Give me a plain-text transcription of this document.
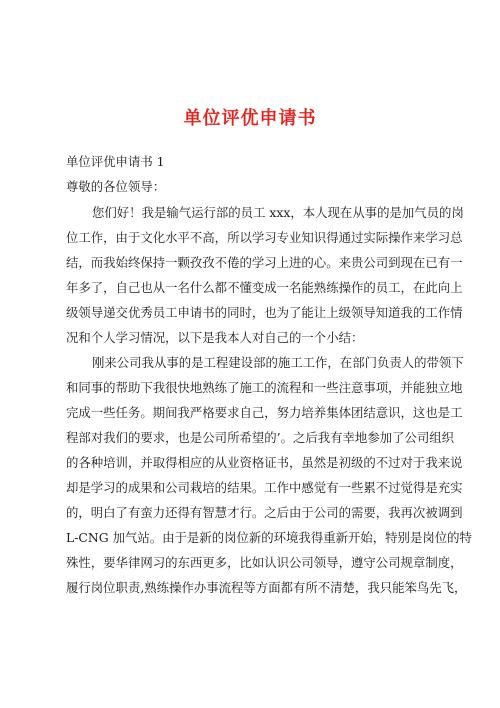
单位评优申请书
单位评优申请书 1
尊敬的各位领导：
您们好！我是输气运行部的员工 xxx，本人现在从事的是加气员的岗
位工作，由于文化水平不高，所以学习专业知识得通过实际操作来学习总
结，而我始终保持一颗孜孜不倦的学习上进的心。来贵公司到现在已有一
年多了，自己也从一名什么都不懂变成一名能熟练操作的员工，在此向上
级领导递交优秀员工申请书的同时，也为了能让上级领导知道我的工作情
况和个人学习情况，以下是我本人对自己的一个小结：
刚来公司我从事的是工程建设部的施工工作，在部门负责人的带领下
和同事的帮助下我很快地熟练了施工的流程和一些注意事项，并能独立地
完成一些任务。期间我严格要求自己，努力培养集体团结意识，这也是工
程部对我们的要求，也是公司所希望的’。之后我有幸地参加了公司组织
的各种培训，并取得相应的从业资格证书，虽然是初级的不过对于我来说
却是学习的成果和公司栽培的结果。工作中感觉有一些累不过觉得是充实
的，明白了有蛮力还得有智慧才行。之后由于公司的需要，我再次被调到
L-CNG 加气站。由于是新的岗位新的环境我得重新开始，特别是岗位的特
殊性，要华律网习的东西更多，比如认识公司领导，遵守公司规章制度，
履行岗位职责,熟练操作办事流程等方面都有所不清楚，我只能笨鸟先飞，
